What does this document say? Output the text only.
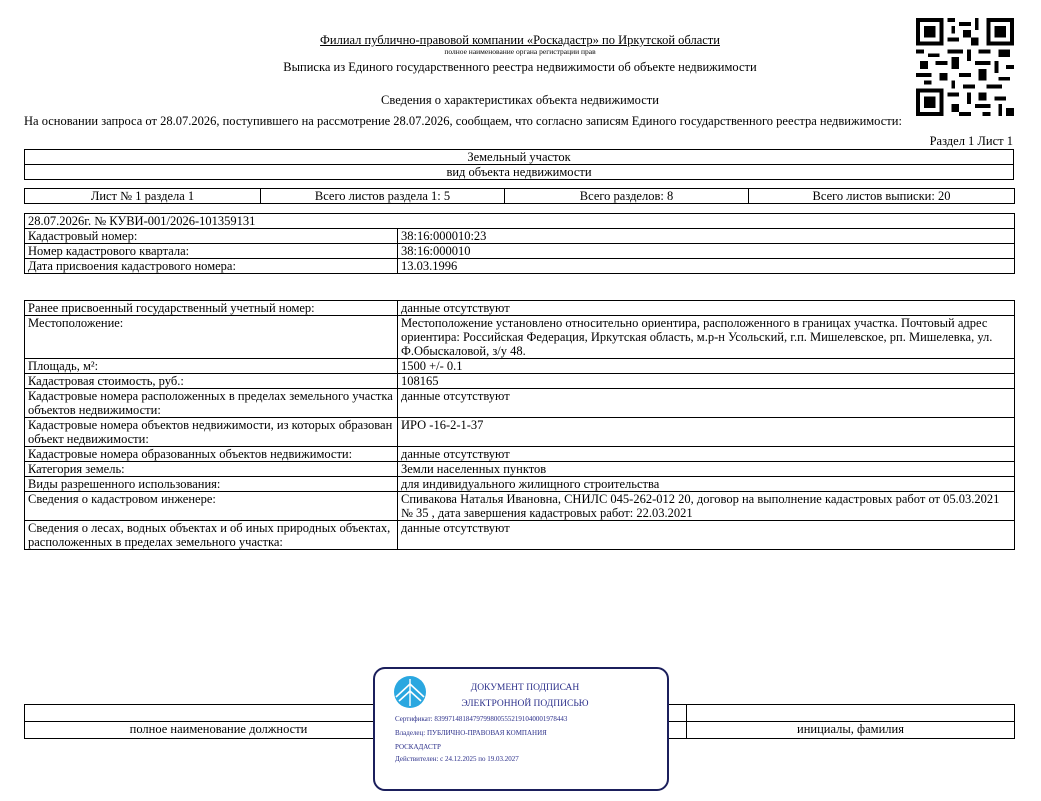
Филиал публично-правовой компании «Роскадастр» по Иркутской области
полное наименование органа регистрации прав
Выписка из Единого государственного реестра недвижимости об объекте недвижимости
Сведения о характеристиках объекта недвижимости
На основании запроса от 28.07.2026, поступившего на рассмотрение 28.07.2026, сообщаем, что согласно записям Единого государственного реестра недвижимости:
Раздел 1 Лист 1
Земельный участок
вид объекта недвижимости
Лист № 1 раздела 1	Всего листов раздела 1: 5	Всего разделов: 8	Всего листов выписки: 20
28.07.2026г. № КУВИ-001/2026-101359131	
Кадастровый номер:	38:16:000010:23
Номер кадастрового квартала:	38:16:000010
Дата присвоения кадастрового номера:	13.03.1996
Ранее присвоенный государственный учетный номер:	данные отсутствуют
Местоположение:	Местоположение установлено относительно ориентира, расположенного в границах участка. Почтовый адрес ориентира: Российская Федерация, Иркутская область, м.р-н Усольский, г.п. Мишелевское, рп. Мишелевка, ул. Ф.Обыскаловой, з/у 48.
Площадь, м²:	1500 +/- 0.1
Кадастровая стоимость, руб.:	108165
Кадастровые номера расположенных в пределах земельного участка объектов недвижимости:	данные отсутствуют
Кадастровые номера объектов недвижимости, из которых образован объект недвижимости:	ИРО -16-2-1-37
Кадастровые номера образованных объектов недвижимости:	данные отсутствуют
Категория земель:	Земли населенных пунктов
Виды разрешенного использования:	для индивидуального жилищного строительства
Сведения о кадастровом инженере:	Спивакова Наталья Ивановна, СНИЛС 045-262-012 20, договор на выполнение кадастровых работ от 05.03.2021 № 35 , дата завершения кадастровых работ: 22.03.2021
Сведения о лесах, водных объектах и об иных природных объектах, расположенных в пределах земельного участка:	данные отсутствуют

полное наименование должности		инициалы, фамилия
ДОКУМЕНТ ПОДПИСАН
ЭЛЕКТРОННОЙ ПОДПИСЬЮ
Сертификат: 839971481847979980055521910400019784​43
Владелец: ПУБЛИЧНО-ПРАВОВАЯ КОМПАНИЯ
РОСКАДАСТР
Действителен: с 24.12.2025 по 19.03.2027
